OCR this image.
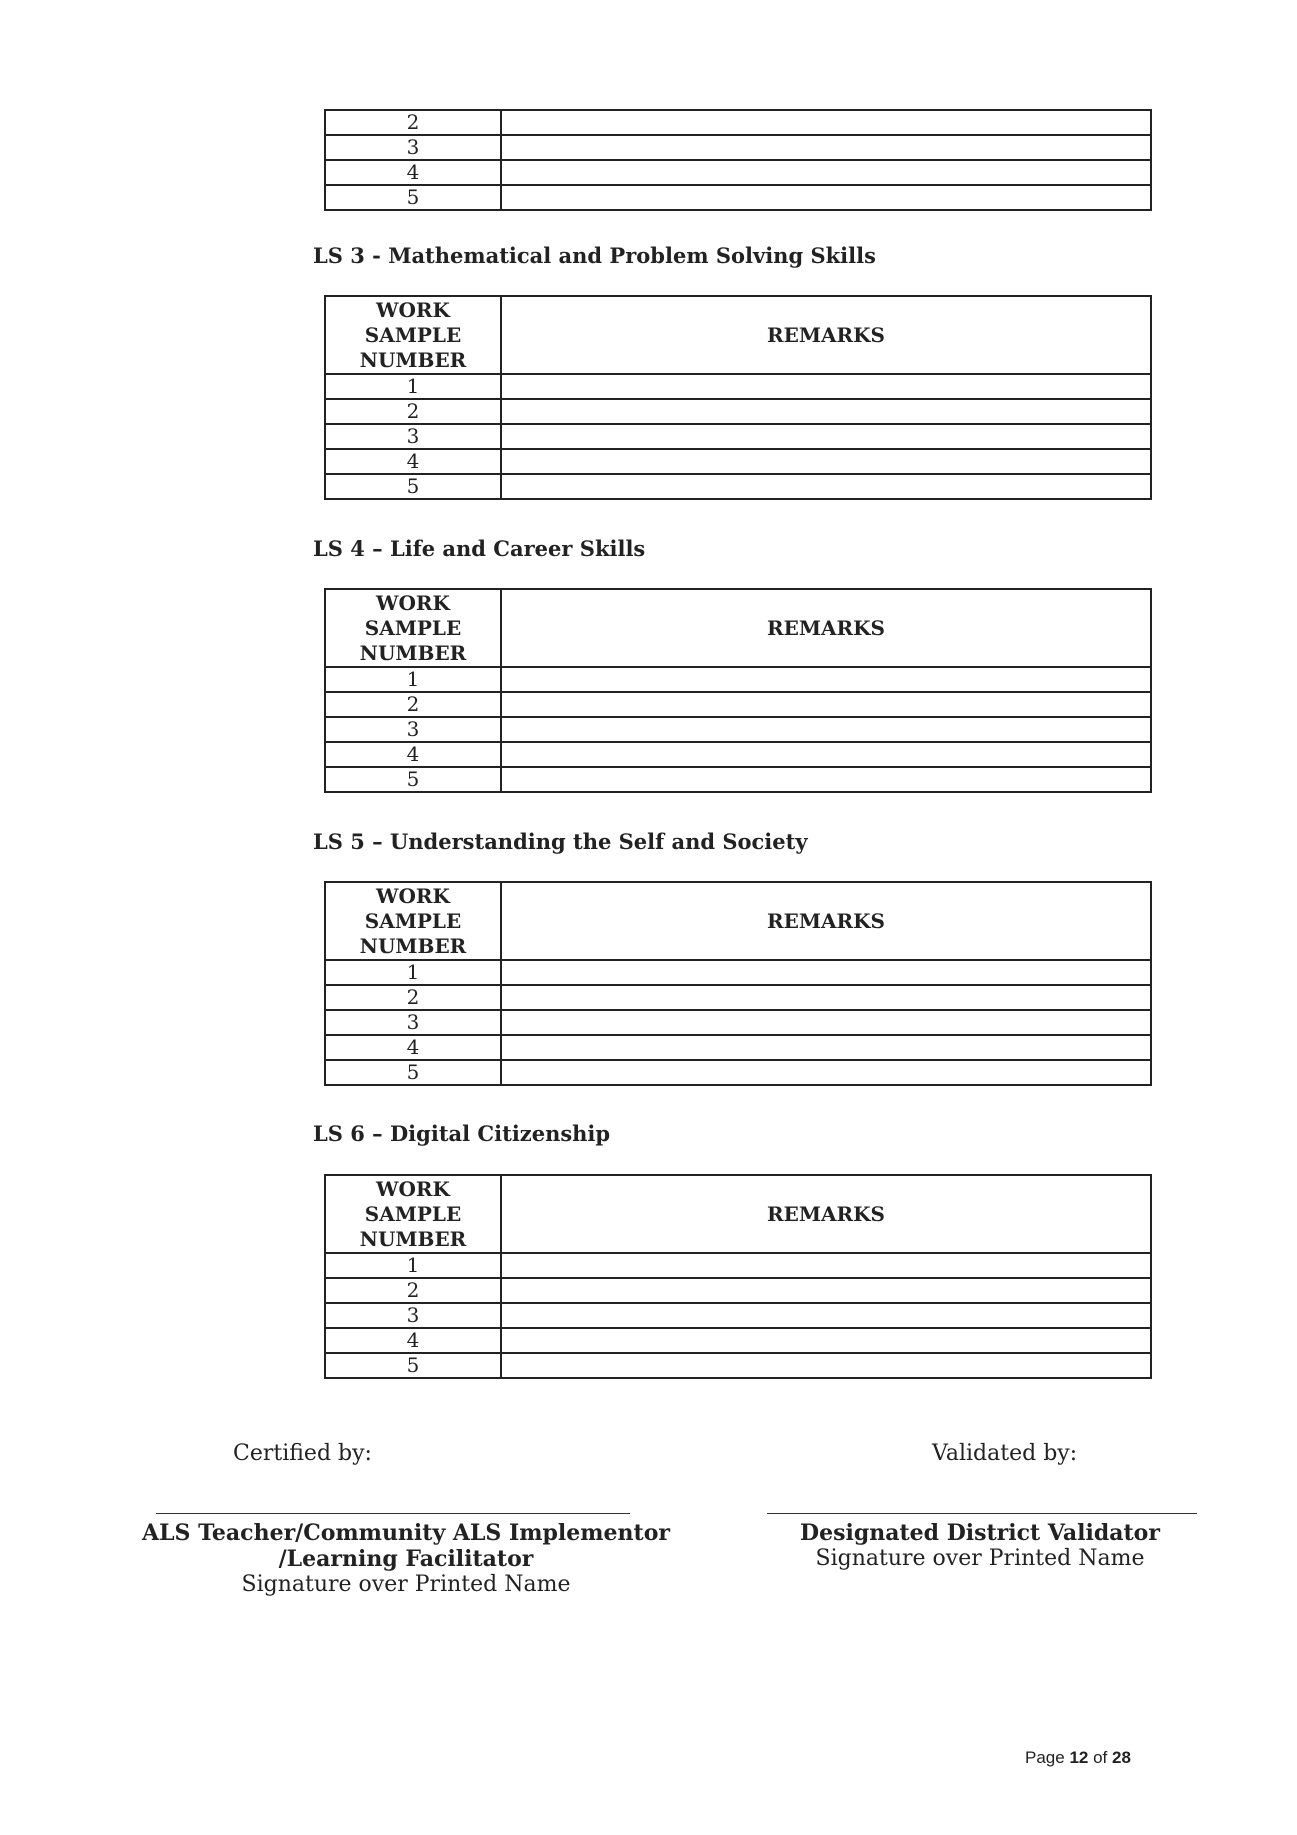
2	
3	
4	
5	
LS 3 - Mathematical and Problem Solving Skills
WORK
SAMPLE
NUMBER	REMARKS
1	
2	
3	
4	
5	
LS 4 – Life and Career Skills
WORK
SAMPLE
NUMBER	REMARKS
1	
2	
3	
4	
5	
LS 5 – Understanding the Self and Society
WORK
SAMPLE
NUMBER	REMARKS
1	
2	
3	
4	
5	
LS 6 – Digital Citizenship
WORK
SAMPLE
NUMBER	REMARKS
1	
2	
3	
4	
5	
Certified by:	Validated by:
ALS Teacher/Community ALS Implementor
/Learning Facilitator
Signature over Printed Name
Designated District Validator
Signature over Printed Name
Page 12 of 28
